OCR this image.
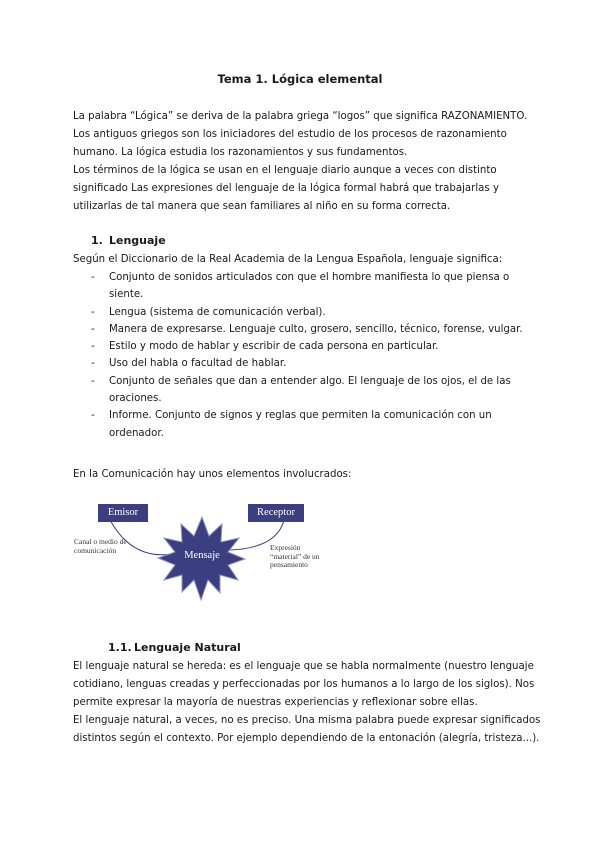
Tema 1. Lógica elemental

La palabra “Lógica” se deriva de la palabra griega “logos” que significa RAZONAMIENTO.

Los antiguos griegos son los iniciadores del estudio de los procesos de razonamiento

humano. La lógica estudia los razonamientos y sus fundamentos.

Los términos de la lógica se usan en el lenguaje diario aunque a veces con distinto

significado Las expresiones del lenguaje de la lógica formal habrá que trabajarlas y

utilizarlas de tal manera que sean familiares al niño en su forma correcta.

1. Lenguaje

Según el Diccionario de la Real Academia de la Lengua Española, lenguaje significa:

- Conjunto de sonidos articulados con que el hombre manifiesta lo que piensa o
siente.
- Lengua (sistema de comunicación verbal).
- Manera de expresarse. Lenguaje culto, grosero, sencillo, técnico, forense, vulgar.
- Estilo y modo de hablar y escribir de cada persona en particular.
- Uso del habla o facultad de hablar.
- Conjunto de señales que dan a entender algo. El lenguaje de los ojos, el de las
oraciones.
- Informe. Conjunto de signos y reglas que permiten la comunicación con un
ordenador.

En la Comunicación hay unos elementos involucrados:

Emisor	Receptor
Mensaje
Canal o medio de
comunicación	Expresión
“material” de un
pensamiento
1.1. Lenguaje Natural

El lenguaje natural se hereda: es el lenguaje que se habla normalmente (nuestro lenguaje

cotidiano, lenguas creadas y perfeccionadas por los humanos a lo largo de los siglos). Nos

permite expresar la mayoría de nuestras experiencias y reflexionar sobre ellas.

El lenguaje natural, a veces, no es preciso. Una misma palabra puede expresar significados

distintos según el contexto. Por ejemplo dependiendo de la entonación (alegría, tristeza...).
